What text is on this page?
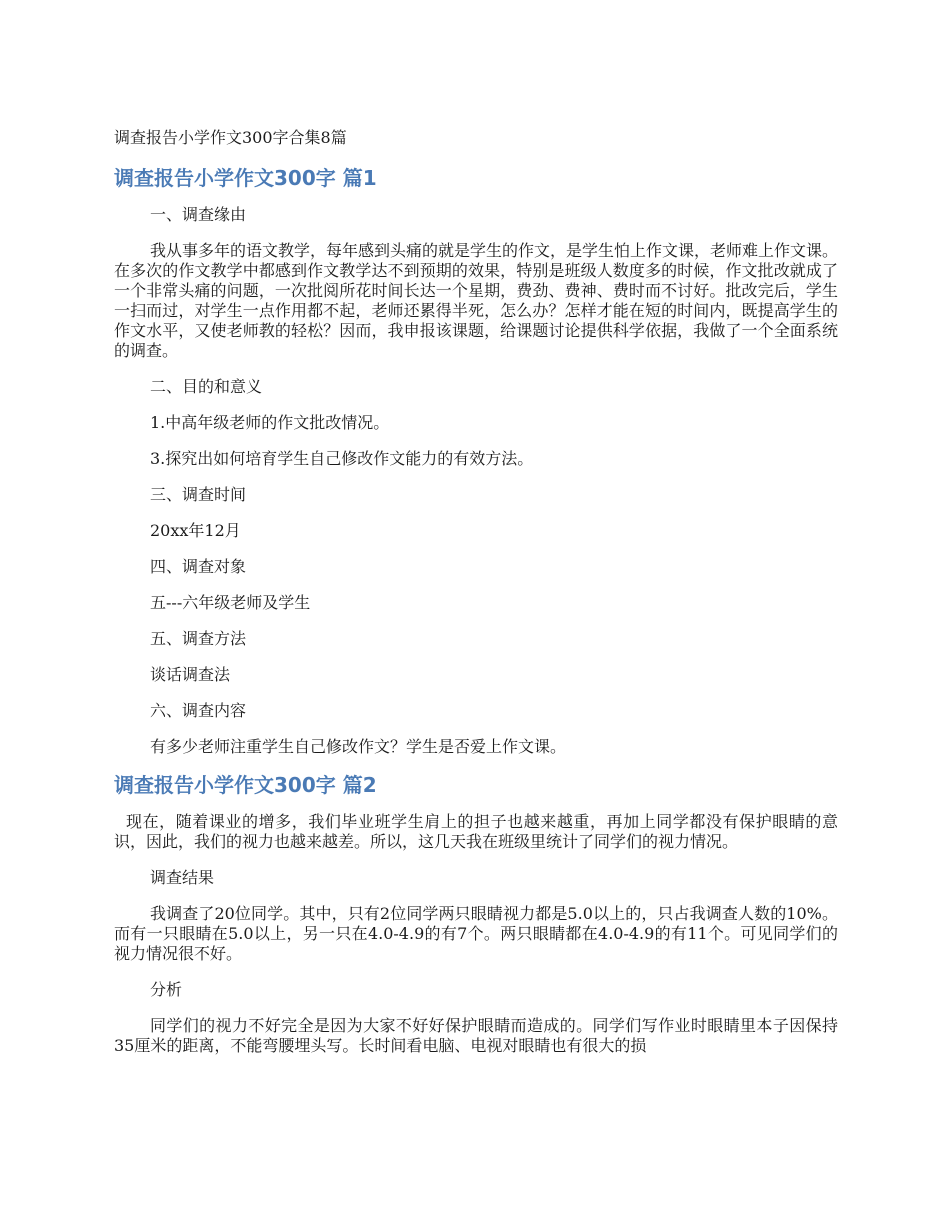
调查报告小学作文300字合集8篇
调查报告小学作文300字 篇1

一、调查缘由

我从事多年的语文教学，每年感到头痛的就是学生的作文，是学生怕上作文课，老师难上作文课。在多次的作文教学中都感到作文教学达不到预期的效果，特别是班级人数度多的时候，作文批改就成了一个非常头痛的问题，一次批阅所花时间长达一个星期，费劲、费神、费时而不讨好。批改完后，学生一扫而过，对学生一点作用都不起，老师还累得半死，怎么办？怎样才能在短的时间内，既提高学生的作文水平，又使老师教的轻松？因而，我申报该课题，给课题讨论提供科学依据，我做了一个全面系统的调查。

二、目的和意义

1.中高年级老师的作文批改情况。

3.探究出如何培育学生自己修改作文能力的有效方法。

三、调查时间

20xx年12月

四、调查对象

五---六年级老师及学生

五、调查方法

谈话调查法

六、调查内容

有多少老师注重学生自己修改作文？学生是否爱上作文课。

调查报告小学作文300字 篇2

现在，随着课业的增多，我们毕业班学生肩上的担子也越来越重，再加上同学都没有保护眼睛的意识，因此，我们的视力也越来越差。所以，这几天我在班级里统计了同学们的视力情况。

调查结果

我调查了20位同学。其中，只有2位同学两只眼睛视力都是5.0以上的，只占我调查人数的10%。而有一只眼睛在5.0以上，另一只在4.0-4.9的有7个。两只眼睛都在4.0-4.9的有11个。可见同学们的视力情况很不好。

分析

同学们的视力不好完全是因为大家不好好保护眼睛而造成的。同学们写作业时眼睛里本子因保持35厘米的距离，不能弯腰埋头写。长时间看电脑、电视对眼睛也有很大的损
